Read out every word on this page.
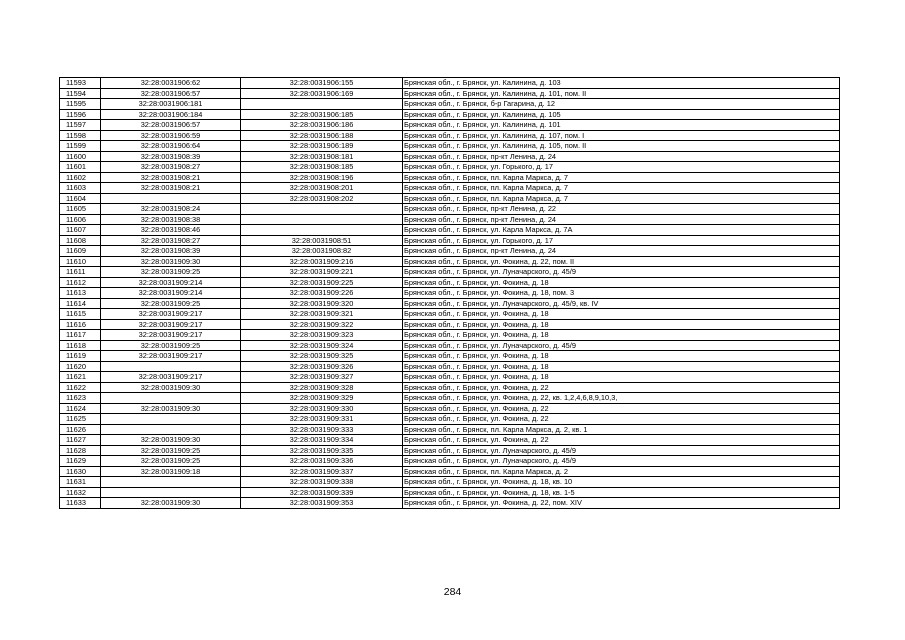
11593	32:28:0031906:62	32:28:0031906:155	Брянская обл., г. Брянск, ул. Калинина, д. 103
11594	32:28:0031906:57	32:28:0031906:169	Брянская обл., г. Брянск, ул. Калинина, д. 101, пом. II
11595	32:28:0031906:181		Брянская обл., г. Брянск, б-р Гагарина, д. 12
11596	32:28:0031906:184	32:28:0031906:185	Брянская обл., г. Брянск, ул. Калинина, д. 105
11597	32:28:0031906:57	32:28:0031906:186	Брянская обл., г. Брянск, ул. Калинина, д. 101
11598	32:28:0031906:59	32:28:0031906:188	Брянская обл., г. Брянск, ул. Калинина, д. 107, пом. I
11599	32:28:0031906:64	32:28:0031906:189	Брянская обл., г. Брянск, ул. Калинина, д. 105, пом. II
11600	32:28:0031908:39	32:28:0031908:181	Брянская обл., г. Брянск, пр-кт Ленина, д. 24
11601	32:28:0031908:27	32:28:0031908:185	Брянская обл., г. Брянск, ул. Горького, д. 17
11602	32:28:0031908:21	32:28:0031908:196	Брянская обл., г. Брянск, пл. Карла Маркса, д. 7
11603	32:28:0031908:21	32:28:0031908:201	Брянская обл., г. Брянск, пл. Карла Маркса, д. 7
11604		32:28:0031908:202	Брянская обл., г. Брянск, пл. Карла Маркса, д. 7
11605	32:28:0031908:24		Брянская обл., г. Брянск, пр-кт Ленина, д. 22
11606	32:28:0031908:38		Брянская обл., г. Брянск, пр-кт Ленина, д. 24
11607	32:28:0031908:46		Брянская обл., г. Брянск, ул. Карла Маркса, д. 7А
11608	32:28:0031908:27	32:28:0031908:51	Брянская обл., г. Брянск, ул. Горького, д. 17
11609	32:28:0031908:39	32:28:0031908:82	Брянская обл., г. Брянск, пр-кт Ленина, д. 24
11610	32:28:0031909:30	32:28:0031909:216	Брянская обл., г. Брянск, ул. Фокина, д. 22, пом. II
11611	32:28:0031909:25	32:28:0031909:221	Брянская обл., г. Брянск, ул. Луначарского, д. 45/9
11612	32:28:0031909:214	32:28:0031909:225	Брянская обл., г. Брянск, ул. Фокина, д. 18
11613	32:28:0031909:214	32:28:0031909:226	Брянская обл., г. Брянск, ул. Фокина, д. 18, пом. 3
11614	32:28:0031909:25	32:28:0031909:320	Брянская обл., г. Брянск, ул. Луначарского, д. 45/9, кв. IV
11615	32:28:0031909:217	32:28:0031909:321	Брянская обл., г. Брянск, ул. Фокина, д. 18
11616	32:28:0031909:217	32:28:0031909:322	Брянская обл., г. Брянск, ул. Фокина, д. 18
11617	32:28:0031909:217	32:28:0031909:323	Брянская обл., г. Брянск, ул. Фокина, д. 18
11618	32:28:0031909:25	32:28:0031909:324	Брянская обл., г. Брянск, ул. Луначарского, д. 45/9
11619	32:28:0031909:217	32:28:0031909:325	Брянская обл., г. Брянск, ул. Фокина, д. 18
11620		32:28:0031909:326	Брянская обл., г. Брянск, ул. Фокина, д. 18
11621	32:28:0031909:217	32:28:0031909:327	Брянская обл., г. Брянск, ул. Фокина, д. 18
11622	32:28:0031909:30	32:28:0031909:328	Брянская обл., г. Брянск, ул. Фокина, д. 22
11623		32:28:0031909:329	Брянская обл., г. Брянск, ул. Фокина, д. 22, кв. 1,2,4,6,8,9,10,3,
11624	32:28:0031909:30	32:28:0031909:330	Брянская обл., г. Брянск, ул. Фокина, д. 22
11625		32:28:0031909:331	Брянская обл., г. Брянск, ул. Фокина, д. 22
11626		32:28:0031909:333	Брянская обл., г. Брянск, пл. Карла Маркса, д. 2, кв. 1
11627	32:28:0031909:30	32:28:0031909:334	Брянская обл., г. Брянск, ул. Фокина, д. 22
11628	32:28:0031909:25	32:28:0031909:335	Брянская обл., г. Брянск, ул. Луначарского, д. 45/9
11629	32:28:0031909:25	32:28:0031909:336	Брянская обл., г. Брянск, ул. Луначарского, д. 45/9
11630	32:28:0031909:18	32:28:0031909:337	Брянская обл., г. Брянск, пл. Карла Маркса, д. 2
11631		32:28:0031909:338	Брянская обл., г. Брянск, ул. Фокина, д. 18, кв. 10
11632		32:28:0031909:339	Брянская обл., г. Брянск, ул. Фокина, д. 18, кв. 1-5
11633	32:28:0031909:30	32:28:0031909:353	Брянская обл., г. Брянск, ул. Фокина, д. 22, пом. XIV
284
